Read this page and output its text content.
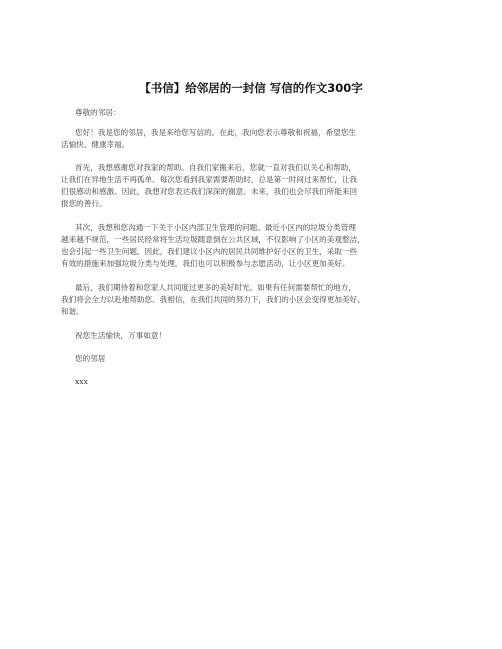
【书信】给邻居的一封信 写信的作文300字
尊敬的邻居：
您好！我是您的邻居，我是来给您写信的。在此，我向您表示尊敬和祝福，希望您生
活愉快、健康幸福。
首先，我想感谢您对我家的帮助。自我们家搬来后，您就一直对我们以关心和帮助，
让我们在异地生活不再孤单。每次您看到我家需要帮助时，总是第一时间过来帮忙，让我
们很感动和感激。因此，我想对您表达我们深深的谢意。未来，我们也会尽我们所能来回
报您的善行。
其次，我想和您沟通一下关于小区内部卫生管理的问题。最近小区内的垃圾分类管理
越来越不规范，一些居民经常将生活垃圾随意倒在公共区域，不仅影响了小区的美观整洁，
也会引起一些卫生问题。因此，我们建议小区内的居民共同维护好小区的卫生，采取一些
有效的措施来加强垃圾分类与处理。我们也可以积极参与志愿活动，让小区更加美好。
最后，我们期待着和您家人共同度过更多的美好时光。如果有任何需要帮忙的地方，
我们将会全力以赴地帮助您。我相信，在我们共同的努力下，我们的小区会变得更加美好、
和谐。
祝您生活愉快，万事如意！
您的邻居
xxx
